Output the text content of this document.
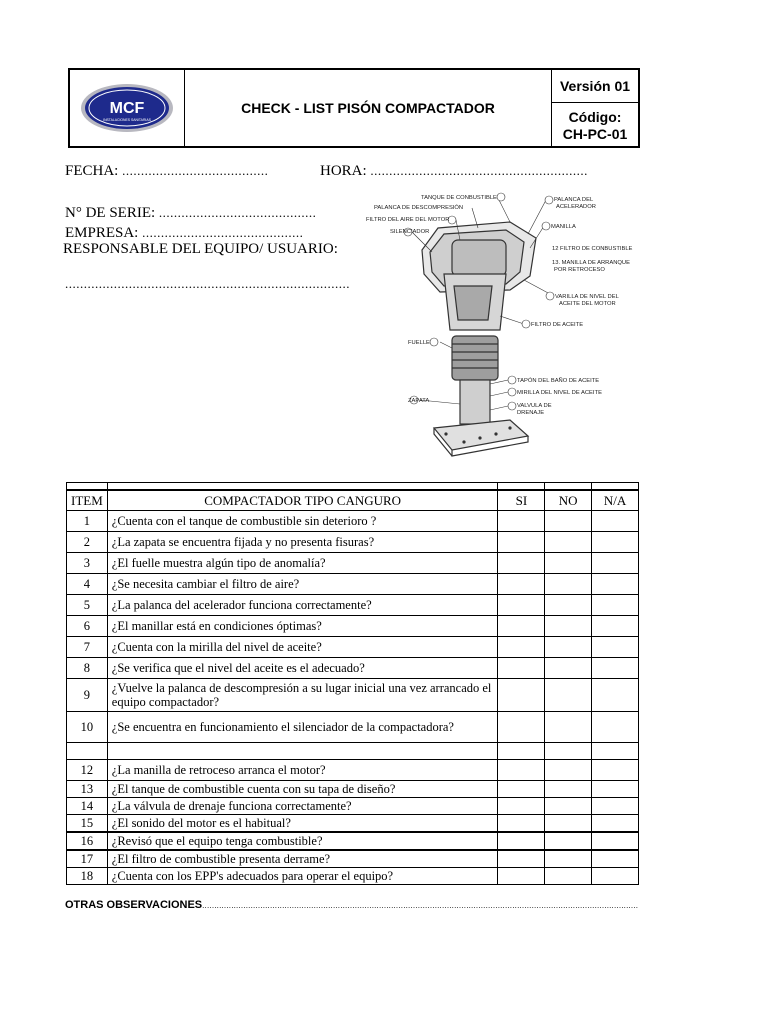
MCF
INSTALACIONES SANITARIAS
CHECK - LIST PISÓN COMPACTADOR
Versión 01
Código:
CH-PC-01
FECHA: .......................................	HORA: ..........................................................
N° DE SERIE: ..........................................
EMPRESA: ...........................................
RESPONSABLE DEL EQUIPO/ USUARIO:
............................................................................
TANQUE DE CONBUSTIBLE	PALANCA DEL
ACELERADOR
PALANCA DE DESCOMPRESIÓN
FILTRO DEL AIRE DEL MOTOR
SILENCIADOR
MANILLA
12 FILTRO DE CONBUSTIBLE
13. MANILLA DE ARRANQUE
POR RETROCESO
VARILLA DE NIVEL DEL
ACEITE DEL MOTOR
FILTRO DE ACEITE
FUELLE
TAPÓN DEL BAÑO DE ACEITE
MIRILLA DEL NIVEL DE ACEITE
VALVULA DE
DRENAJE
ZAPATA

ITEM	COMPACTADOR TIPO CANGURO	SI	NO	N/A
1	¿Cuenta con el tanque de combustible sin deterioro ?			
2	¿La zapata se encuentra fijada y no presenta fisuras?			
3	¿El fuelle muestra algún tipo de anomalía?			
4	¿Se necesita cambiar el filtro de aire?			
5	¿La palanca del acelerador funciona correctamente?			
6	¿El manillar está en condiciones óptimas?			
7	¿Cuenta con la mirilla del nivel de aceite?			
8	¿Se verifica que el nivel del aceite es el adecuado?			
9	¿Vuelve la palanca de descompresión a su lugar inicial una vez arrancado el equipo compactador?			
10	¿Se encuentra en funcionamiento el silenciador de la compactadora?			

12	¿La manilla de retroceso arranca el motor?			
13	¿El tanque de combustible cuenta con su tapa de diseño?			
14	¿La válvula de drenaje funciona correctamente?			
15	¿El sonido del motor es el habitual?			
16	¿Revisó que el equipo tenga combustible?			
17	¿El filtro de combustible presenta derrame?			
18	¿Cuenta con los EPP's adecuados para operar el equipo?			
OTRAS OBSERVACIONES....................................................................................................................................................................................
